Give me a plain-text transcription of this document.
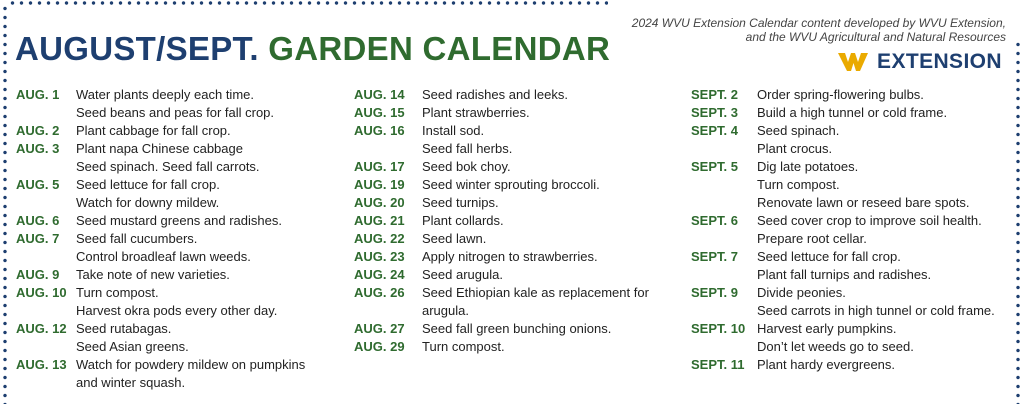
AUGUST/SEPT. GARDEN CALENDAR
2024 WVU Extension Calendar content developed by WVU Extension,
and the WVU Agricultural and Natural Resources
EXTENSION
AUG. 1	Water plants deeply each time.
Seed beans and peas for fall crop.
AUG. 2	Plant cabbage for fall crop.
AUG. 3	Plant napa Chinese cabbage
Seed spinach. Seed fall carrots.
AUG. 5	Seed lettuce for fall crop.
Watch for downy mildew.
AUG. 6	Seed mustard greens and radishes.
AUG. 7	Seed fall cucumbers.
Control broadleaf lawn weeds.
AUG. 9	Take note of new varieties.
AUG. 10 Turn compost.
Harvest okra pods every other day.
AUG. 12 Seed rutabagas.
Seed Asian greens.
AUG. 13 Watch for powdery mildew on pumpkins
and winter squash.
AUG. 14	Seed radishes and leeks.
AUG. 15	Plant strawberries.
AUG. 16	Install sod.
Seed fall herbs.
AUG. 17	Seed bok choy.
AUG. 19	Seed winter sprouting broccoli.
AUG. 20	Seed turnips.
AUG. 21	Plant collards.
AUG. 22	Seed lawn.
AUG. 23	Apply nitrogen to strawberries.
AUG. 24	Seed arugula.
AUG. 26	Seed Ethiopian kale as replacement for
arugula.
AUG. 27	Seed fall green bunching onions.
AUG. 29	Turn compost.
SEPT. 2	Order spring-flowering bulbs.
SEPT. 3	Build a high tunnel or cold frame.
SEPT. 4	Seed spinach.
Plant crocus.
SEPT. 5	Dig late potatoes.
Turn compost.
Renovate lawn or reseed bare spots.
SEPT. 6	Seed cover crop to improve soil health.
Prepare root cellar.
SEPT. 7	Seed lettuce for fall crop.
Plant fall turnips and radishes.
SEPT. 9	Divide peonies.
Seed carrots in high tunnel or cold frame.
SEPT. 10 Harvest early pumpkins.
Don’t let weeds go to seed.
SEPT. 11 Plant hardy evergreens.
